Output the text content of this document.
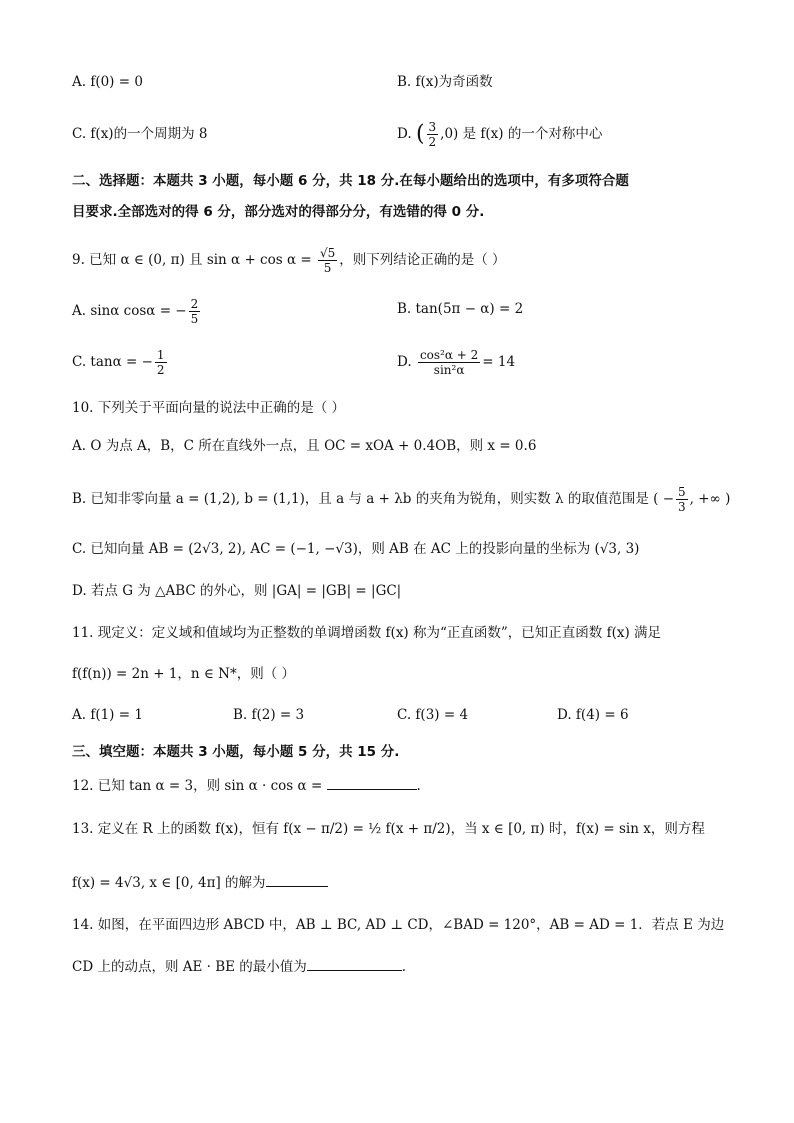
A. f(0) = 0	B. f(x)为奇函数
C. f(x)的一个周期为 8	D. ( $\frac{3}{2} ,0$) 是 f(x) 的一个对称中心
二、选择题：本题共 3 小题，每小题 6 分，共 18 分.在每小题给出的选项中，有多项符合题
目要求.全部选对的得 6 分，部分选对的得部分分，有选错的得 0 分.
9. 已知 α ∈ (0, π) 且 $\sin \alpha + \cos \alpha = \frac{√5}{5}$ ，则下列结论正确的是（ ）
A. sinα cosα = − $\frac{2}{5}$	B. tan(5π − α) = 2
C. tanα = − $\frac{1}{2}$	D. $\frac{\text{cos²α + 2}}{\text{sin²α}} = 14$
10. 下列关于平面向量的说法中正确的是（ ）
A. O 为点 A，B，C 所在直线外一点，且 OC = xOA + 0.4OB，则 x = 0.6
B. 已知非零向量 a = (1,2), b = (1,1)，且 a 与 a + λb 的夹角为锐角，则实数 λ 的取值范围是 ( − $\frac{5}{3}$ , +∞ )
C. 已知向量 AB = (2√3, 2), AC = (−1, −√3)，则 AB 在 AC 上的投影向量的坐标为 (√3, 3)
D. 若点 G 为 △ABC 的外心，则 |GA| = |GB| = |GC|
11. 现定义：定义域和值域均为正整数的单调增函数 f(x) 称为“正直函数”，已知正直函数 f(x) 满足
f(f(n)) = 2n + 1，n ∈ N*，则（ ）
A. f(1) = 1	B. f(2) = 3	C. f(3) = 4	D. f(4) = 6
三、填空题：本题共 3 小题，每小题 5 分，共 15 分.
12. 已知 tan α = 3，则 sin α · cos α =	.
13. 定义在 R 上的函数 f(x)，恒有 f(x − π/2) = ½ f(x + π/2)，当 x ∈ [0, π) 时，f(x) = sin x，则方程
f(x) = 4√3, x ∈ [0, 4π] 的解为
14. 如图，在平面四边形 ABCD 中，AB ⊥ BC, AD ⊥ CD，∠BAD = 120°，AB = AD = 1．若点 E 为边
CD 上的动点，则 AE · BE 的最小值为	.
